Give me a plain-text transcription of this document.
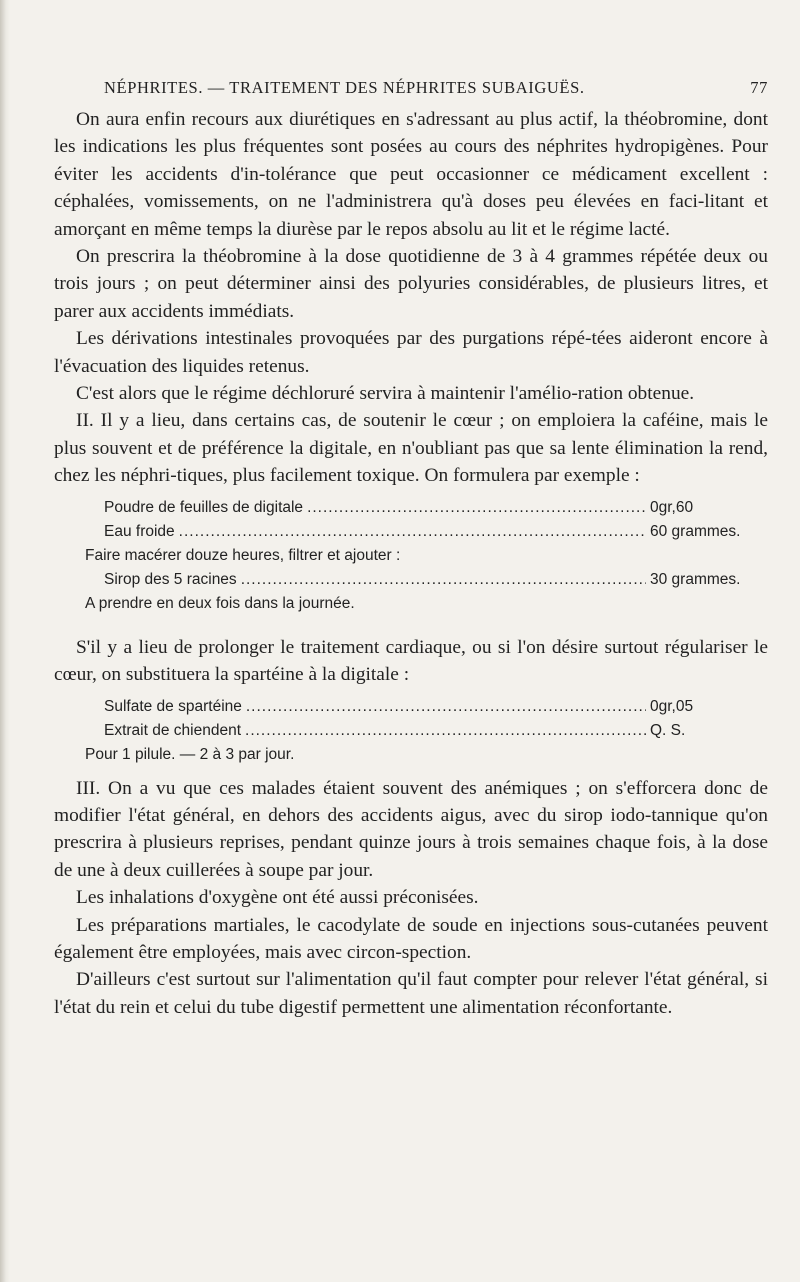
NÉPHRITES. — TRAITEMENT DES NÉPHRITES SUBAIGUËS.	77

On aura enfin recours aux diurétiques en s'adressant au plus actif, la théobromine, dont les indications les plus fréquentes sont posées au cours des néphrites hydropigènes. Pour éviter les accidents d'in-tolérance que peut occasionner ce médicament excellent : céphalées, vomissements, on ne l'administrera qu'à doses peu élevées en faci-litant et amorçant en même temps la diurèse par le repos absolu au lit et le régime lacté.

On prescrira la théobromine à la dose quotidienne de 3 à 4 grammes répétée deux ou trois jours ; on peut déterminer ainsi des polyuries considérables, de plusieurs litres, et parer aux accidents immédiats.

Les dérivations intestinales provoquées par des purgations répé-tées aideront encore à l'évacuation des liquides retenus.

C'est alors que le régime déchloruré servira à maintenir l'amélio-ration obtenue.

II. Il y a lieu, dans certains cas, de soutenir le cœur ; on emploiera la caféine, mais le plus souvent et de préférence la digitale, en n'oubliant pas que sa lente élimination la rend, chez les néphri-tiques, plus facilement toxique. On formulera par exemple :

Poudre de feuilles de digitale .....	0gr,60
Eau froide .....	60 grammes.
Faire macérer douze heures, filtrer et ajouter :
Sirop des 5 racines .....	30 grammes.
A prendre en deux fois dans la journée.

S'il y a lieu de prolonger le traitement cardiaque, ou si l'on désire surtout régulariser le cœur, on substituera la spartéine à la digitale :

Sulfate de spartéine .....	0gr,05
Extrait de chiendent .....	Q. S.
Pour 1 pilule. — 2 à 3 par jour.

III. On a vu que ces malades étaient souvent des anémiques ; on s'efforcera donc de modifier l'état général, en dehors des accidents aigus, avec du sirop iodo-tannique qu'on prescrira à plusieurs reprises, pendant quinze jours à trois semaines chaque fois, à la dose de une à deux cuillerées à soupe par jour.

Les inhalations d'oxygène ont été aussi préconisées.

Les préparations martiales, le cacodylate de soude en injections sous-cutanées peuvent également être employées, mais avec circon-spection.

D'ailleurs c'est surtout sur l'alimentation qu'il faut compter pour relever l'état général, si l'état du rein et celui du tube digestif permettent une alimentation réconfortante.
